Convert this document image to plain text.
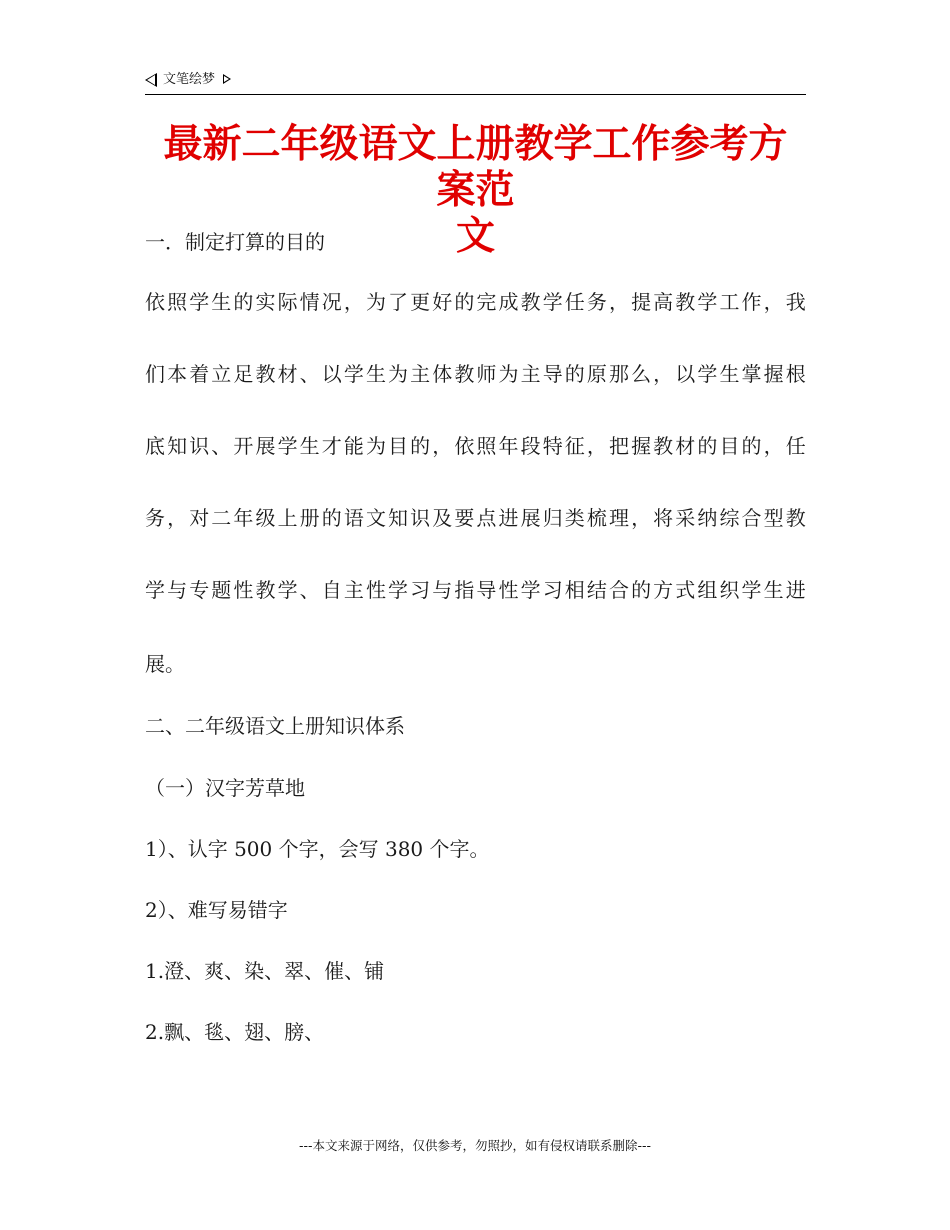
文笔绘梦
最新二年级语文上册教学工作参考方案范
文
一．制定打算的目的
依 照 学 生 的 实 际 情 况 ， 为 了 更 好 的 完 成 教 学 任 务 ， 提 高 教 学 工 作 ， 我
们 本 着 立 足 教 材 、 以 学 生 为 主 体 教 师 为 主 导 的 原 那 么 ， 以 学 生 掌 握 根
底 知 识 、 开 展 学 生 才 能 为 目 的 ， 依 照 年 段 特 征 ， 把 握 教 材 的 目 的 ， 任
务 ， 对 二 年 级 上 册 的 语 文 知 识 及 要 点 进 展 归 类 梳 理 ， 将 采 纳 综 合 型 教
学 与 专 题 性 教 学 、 自 主 性 学 习 与 指 导 性 学 习 相 结 合 的 方 式 组 织 学 生 进
展。
二、二年级语文上册知识体系
（一）汉字芳草地
1）、认字 500 个字，会写 380 个字。
2）、难写易错字
1.澄、爽、染、翠、催、铺
2.飘、毯、翅、膀、
---本文来源于网络，仅供参考，勿照抄，如有侵权请联系删除---
